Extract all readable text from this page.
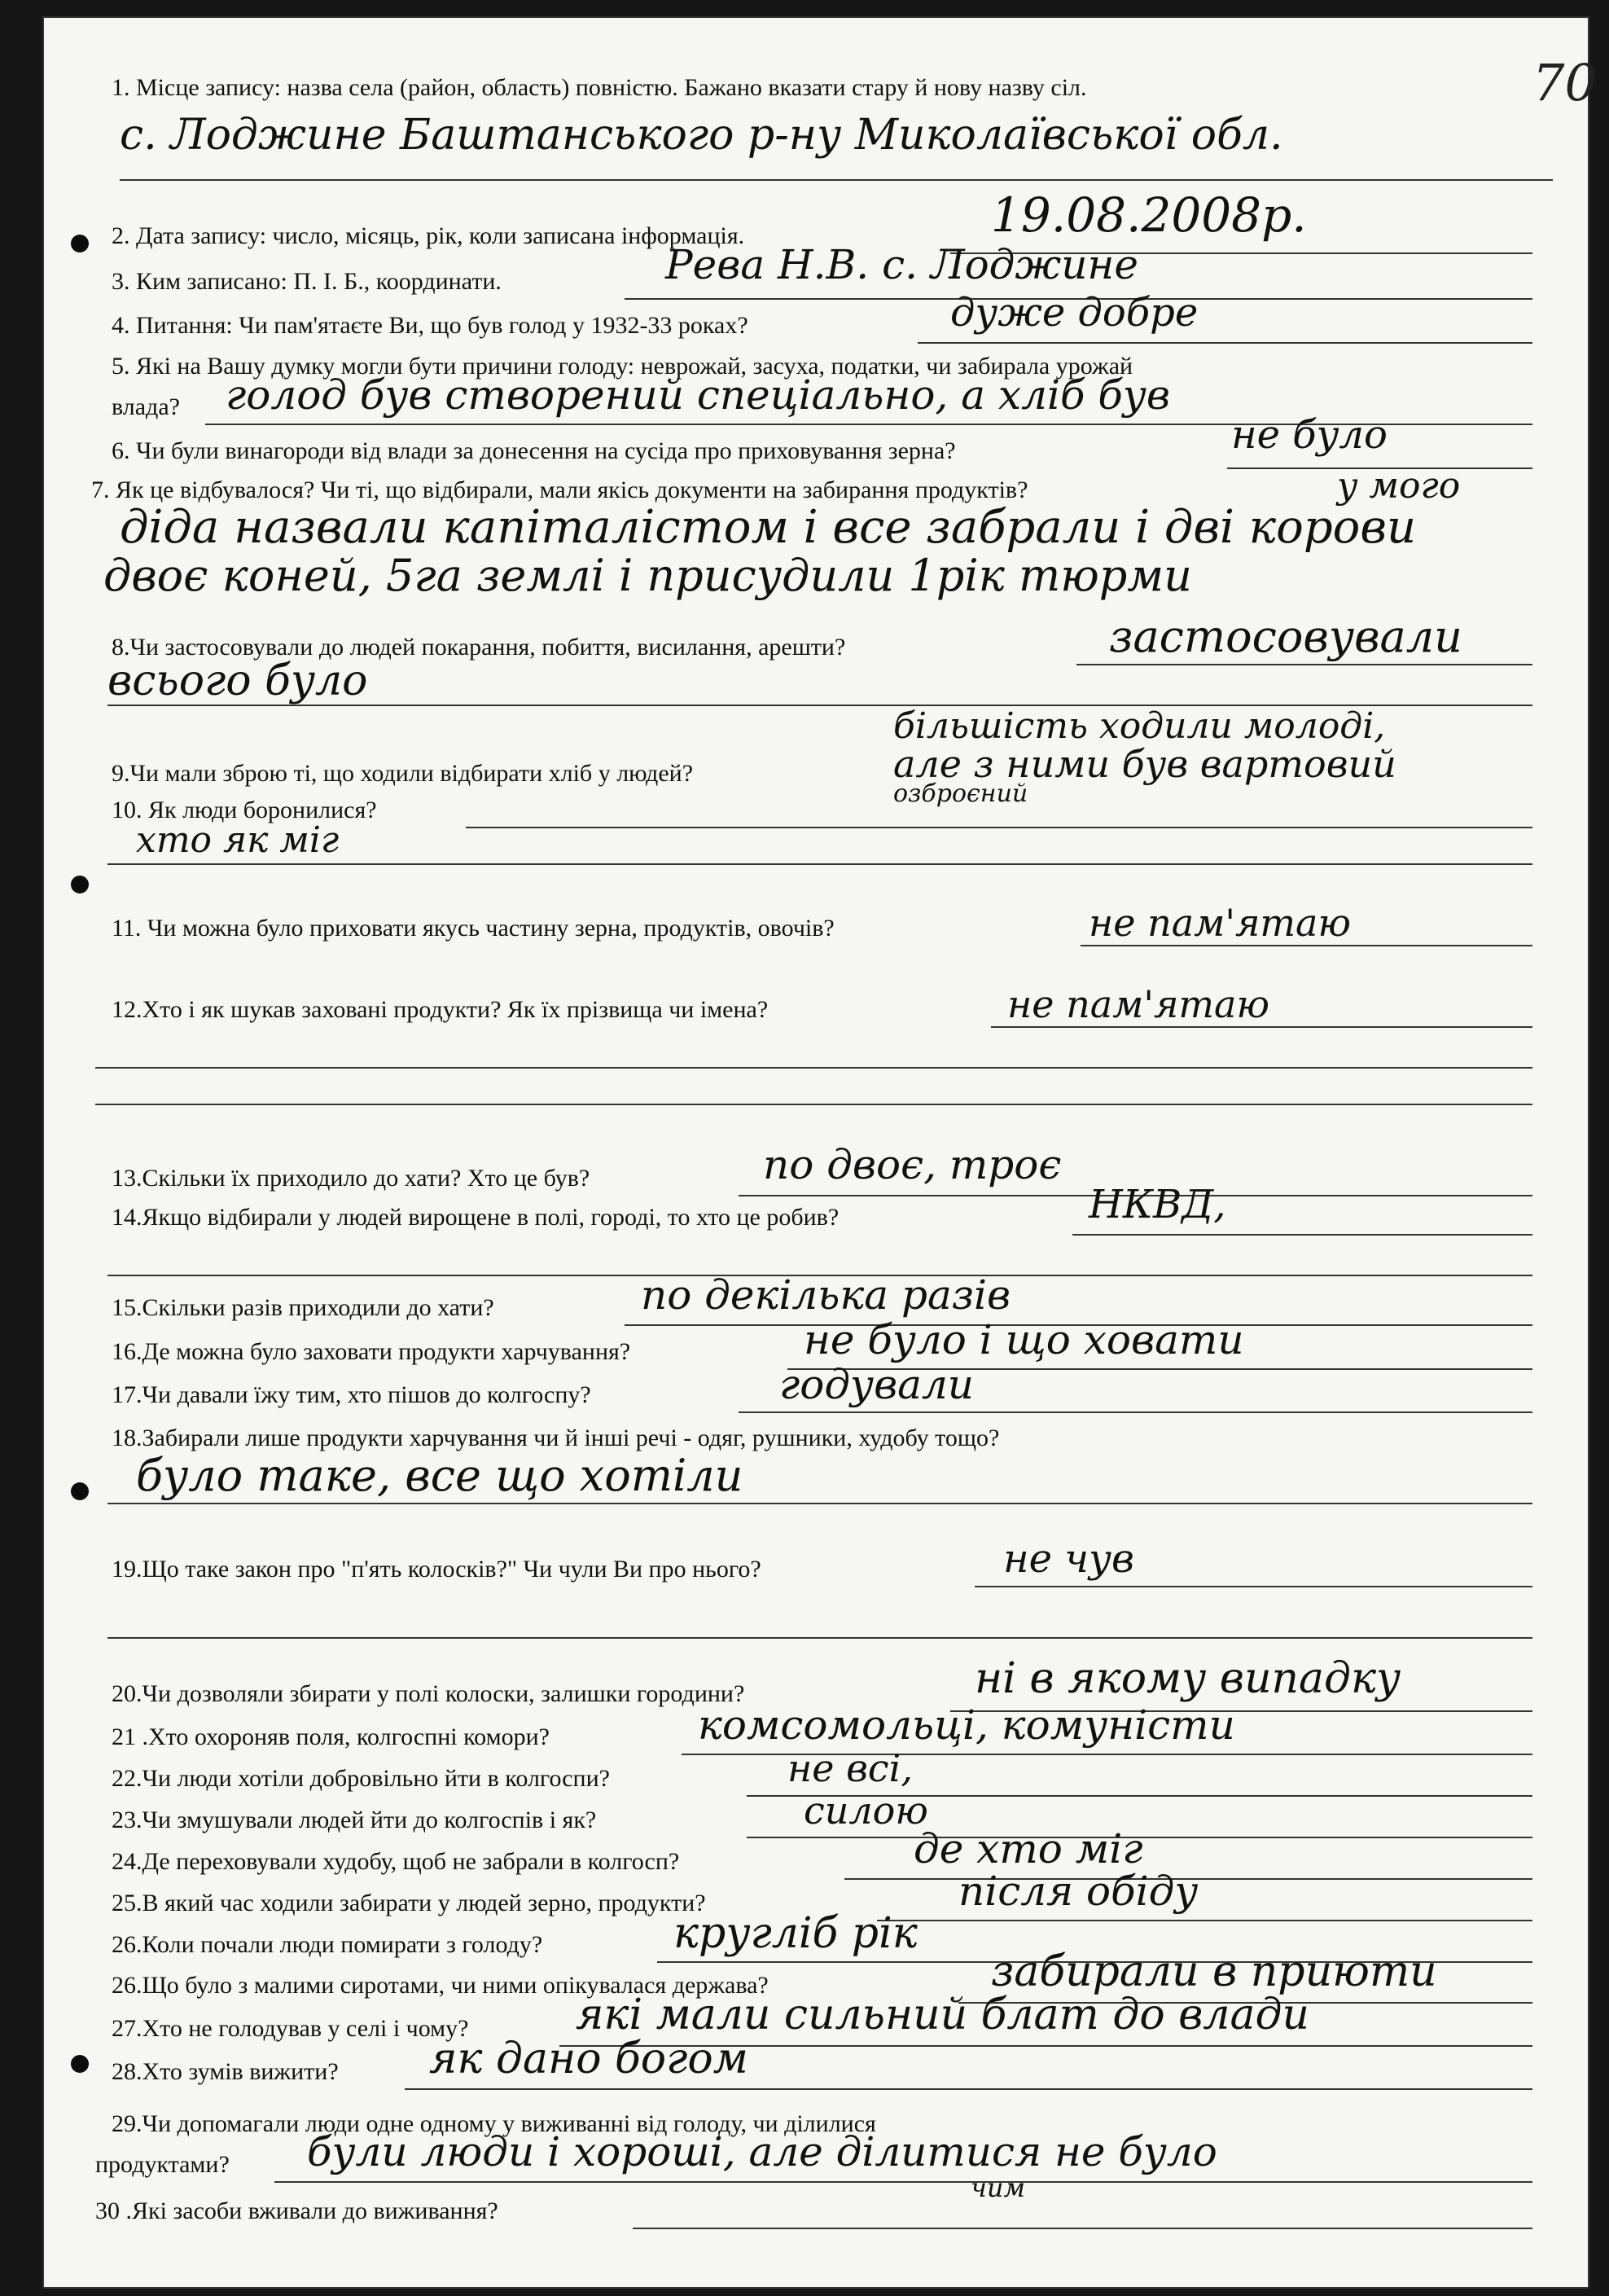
70
1. Місце запису: назва села (район, область) повністю. Бажано вказати стару й нову назву сіл.
с. Лоджине Баштанського р-ну Миколаївської обл.
2. Дата запису: число, місяць, рік, коли записана інформація.	19.08.2008р.
3. Ким записано: П. І. Б., координати.	Рева Н.В. с. Лоджине
4. Питання: Чи пам'ятаєте Ви, що був голод у 1932-33 роках?	дуже добре
5. Які на Вашу думку могли бути причини голоду: неврожай, засуха, податки, чи забирала урожай
влада? голод був створений спеціально, а хліб був
6. Чи були винагороди від влади за донесення на сусіда про приховування зерна?	не було
7. Як це відбувалося? Чи ті, що відбирали, мали якісь документи на забирання продуктів?	у мого
діда назвали капіталістом і все забрали і дві корови
двоє коней, 5га землі і присудили 1рік тюрми
8.Чи застосовували до людей покарання, побиття, висилання, арешти?	застосовували
всього було
9.Чи мали зброю ті, що ходили відбирати хліб у людей?
більшість ходили молоді,
але з ними був вартовий
озброєний
10. Як люди боронилися?
хто як міг
11. Чи можна було приховати якусь частину зерна, продуктів, овочів?	не пам'ятаю
12.Хто і як шукав заховані продукти? Як їх прізвища чи імена?	не пам'ятаю
13.Скільки їх приходило до хати? Хто це був?	по двоє, троє
14.Якщо відбирали у людей вирощене в полі, городі, то хто це робив?	НКВД,
15.Скільки разів приходили до хати?	по декілька разів
16.Де можна було заховати продукти харчування?	не було і що ховати
17.Чи давали їжу тим, хто пішов до колгоспу?	годували
18.Забирали лише продукти харчування чи й інші речі - одяг, рушники, худобу тощо?
було таке, все що хотіли
19.Що таке закон про "п'ять колосків?" Чи чули Ви про нього?	не чув
20.Чи дозволяли збирати у полі колоски, залишки городини?	ні в якому випадку
21 .Хто охороняв поля, колгоспні комори?	комсомольці, комуністи
22.Чи люди хотіли добровільно йти в колгоспи?	не всі,
23.Чи змушували людей йти до колгоспів і як?	силою
24.Де переховували худобу, щоб не забрали в колгосп?	де хто міг
25.В який час ходили забирати у людей зерно, продукти?	після обіду
26.Коли почали люди помирати з голоду?	кругліб рік
26.Що було з малими сиротами, чи ними опікувалася держава?	забирали в приюти
27.Хто не голодував у селі і чому?	які мали сильний блат до влади
28.Хто зумів вижити? як дано богом
29.Чи допомагали люди одне одному у виживанні від голоду, чи ділилися
продуктами? були люди і хороші, але ділитися не було
чим
30 .Які засоби вживали до виживання?
